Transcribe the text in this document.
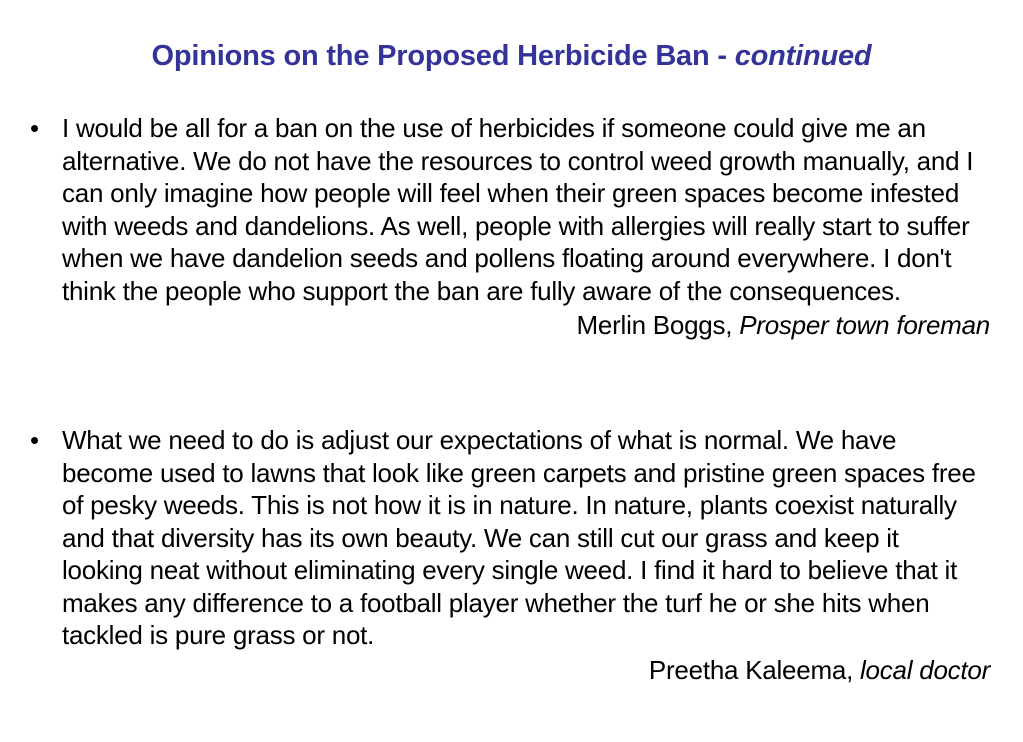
Opinions on the Proposed Herbicide Ban - continued
• I would be all for a ban on the use of herbicides if someone could give me an alternative. We do not have the resources to control weed growth manually, and I can only imagine how people will feel when their green spaces become infested with weeds and dandelions. As well, people with allergies will really start to suffer when we have dandelion seeds and pollens floating around everywhere. I don't think the people who support the ban are fully aware of the consequences.
Merlin Boggs, Prosper town foreman
• What we need to do is adjust our expectations of what is normal. We have become used to lawns that look like green carpets and pristine green spaces free of pesky weeds. This is not how it is in nature. In nature, plants coexist naturally and that diversity has its own beauty. We can still cut our grass and keep it looking neat without eliminating every single weed. I find it hard to believe that it makes any difference to a football player whether the turf he or she hits when tackled is pure grass or not.
Preetha Kaleema, local doctor
